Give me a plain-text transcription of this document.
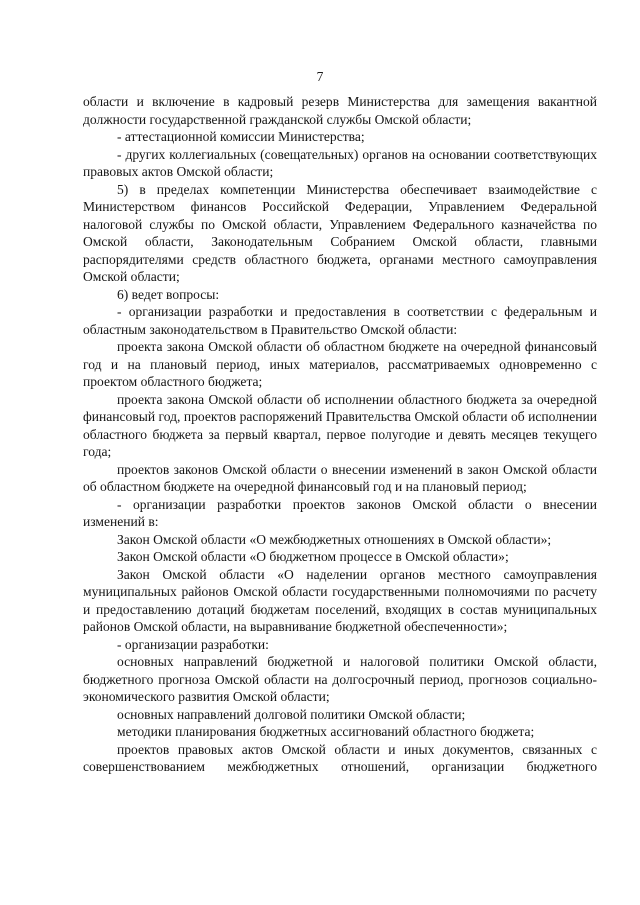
7

области и включение в кадровый резерв Министерства для замещения вакантной должности государственной гражданской службы Омской области;

- аттестационной комиссии Министерства;

- других коллегиальных (совещательных) органов на основании соответствующих правовых актов Омской области;

5) в пределах компетенции Министерства обеспечивает взаимодействие с Министерством финансов Российской Федерации, Управлением Федеральной налоговой службы по Омской области, Управлением Федерального казначейства по Омской области, Законодательным Собранием Омской области, главными распорядителями средств областного бюджета, органами местного самоуправления Омской области;

6) ведет вопросы:

- организации разработки и предоставления в соответствии с федеральным и областным законодательством в Правительство Омской области:

проекта закона Омской области об областном бюджете на очередной финансовый год и на плановый период, иных материалов, рассматриваемых одновременно с проектом областного бюджета;

проекта закона Омской области об исполнении областного бюджета за очередной финансовый год, проектов распоряжений Правительства Омской области об исполнении областного бюджета за первый квартал, первое полугодие и девять месяцев текущего года;

проектов законов Омской области о внесении изменений в закон Омской области об областном бюджете на очередной финансовый год и на плановый период;

- организации разработки проектов законов Омской области о внесении изменений в:

Закон Омской области «О межбюджетных отношениях в Омской области»;

Закон Омской области «О бюджетном процессе в Омской области»;

Закон Омской области «О наделении органов местного самоуправления муниципальных районов Омской области государственными полномочиями по расчету и предоставлению дотаций бюджетам поселений, входящих в состав муниципальных районов Омской области, на выравнивание бюджетной обеспеченности»;

- организации разработки:

основных направлений бюджетной и налоговой политики Омской области, бюджетного прогноза Омской области на долгосрочный период, прогнозов социально-экономического развития Омской области;

основных направлений долговой политики Омской области;

методики планирования бюджетных ассигнований областного бюджета;

проектов правовых актов Омской области и иных документов, связанных с совершенствованием межбюджетных отношений, организации бюджетного
